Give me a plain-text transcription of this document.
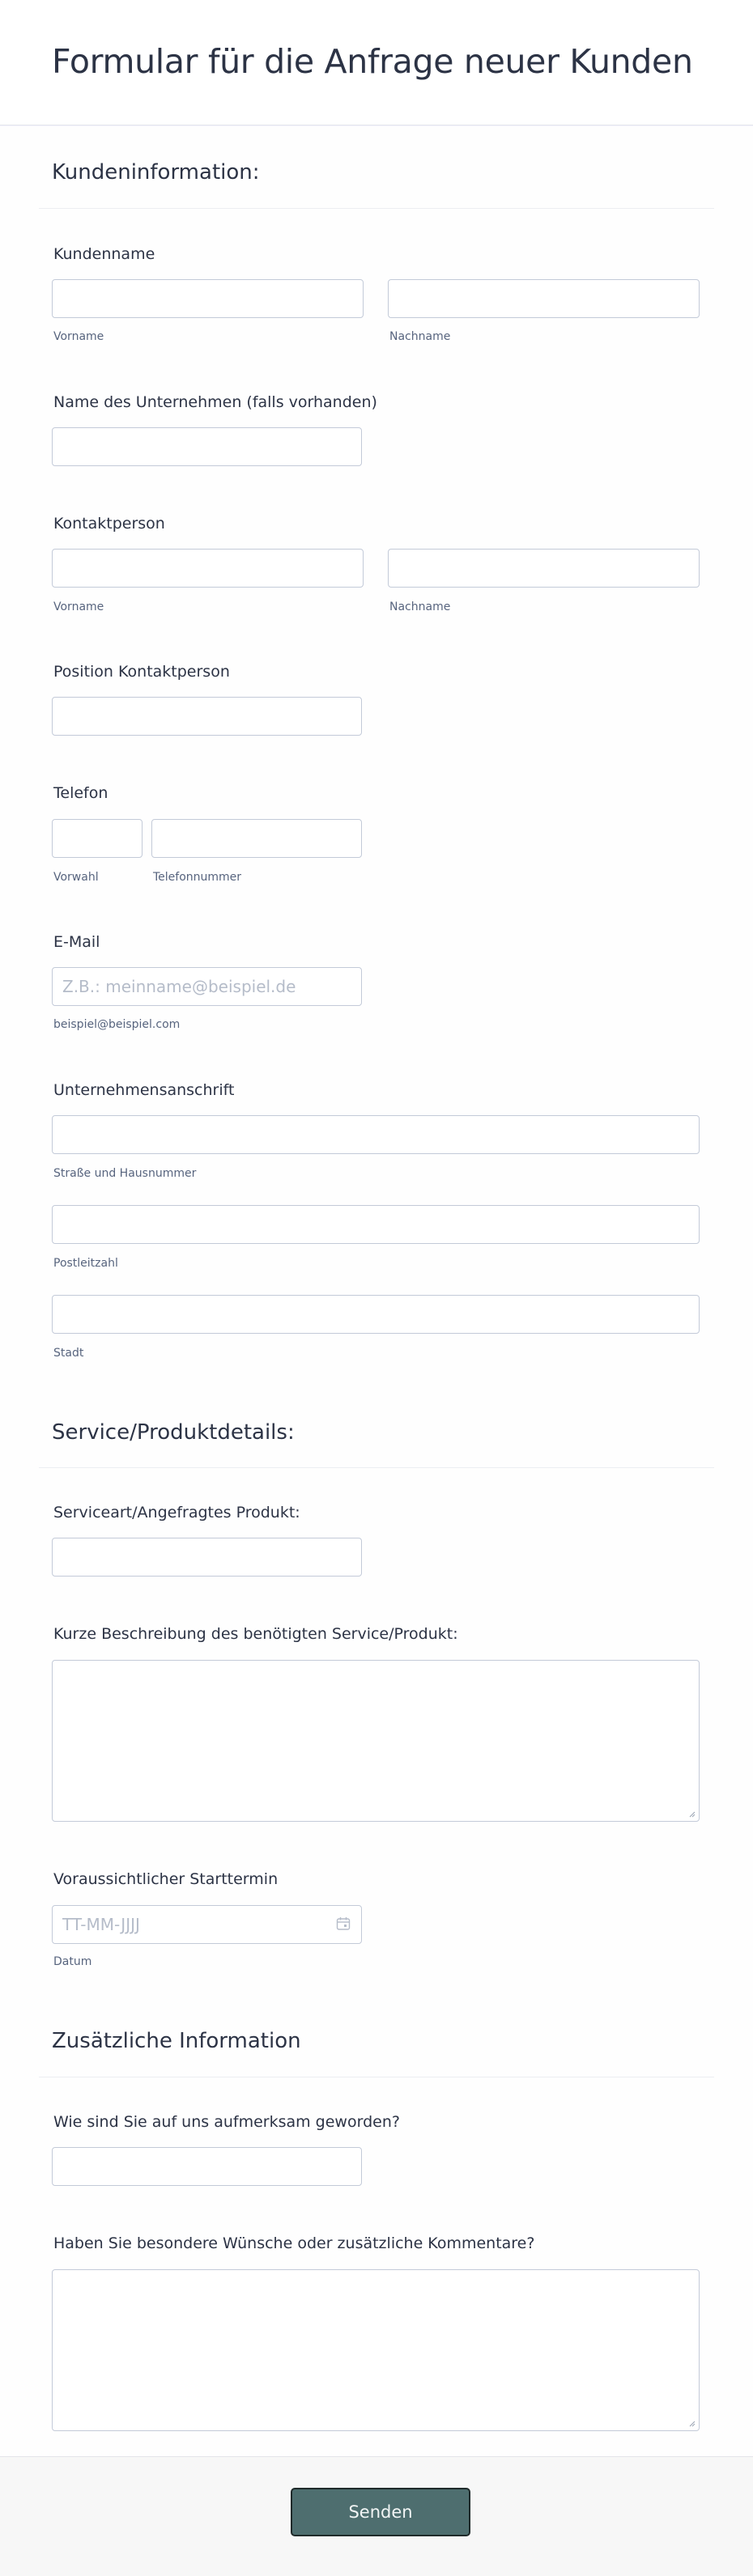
Formular für die Anfrage neuer Kunden
Kundeninformation:
Kundenname
Vorname	Nachname
Name des Unternehmen (falls vorhanden)
Kontaktperson
Vorname	Nachname
Position Kontaktperson
Telefon
Vorwahl	Telefonnummer
E-Mail
Z.B.: meinname@beispiel.de
beispiel@beispiel.com
Unternehmensanschrift
Straße und Hausnummer
Postleitzahl
Stadt
Service/Produktdetails:
Serviceart/Angefragtes Produkt:
Kurze Beschreibung des benötigten Service/Produkt:
Voraussichtlicher Starttermin
TT-MM-JJJJ
Datum
Zusätzliche Information
Wie sind Sie auf uns aufmerksam geworden?
Haben Sie besondere Wünsche oder zusätzliche Kommentare?
Senden
